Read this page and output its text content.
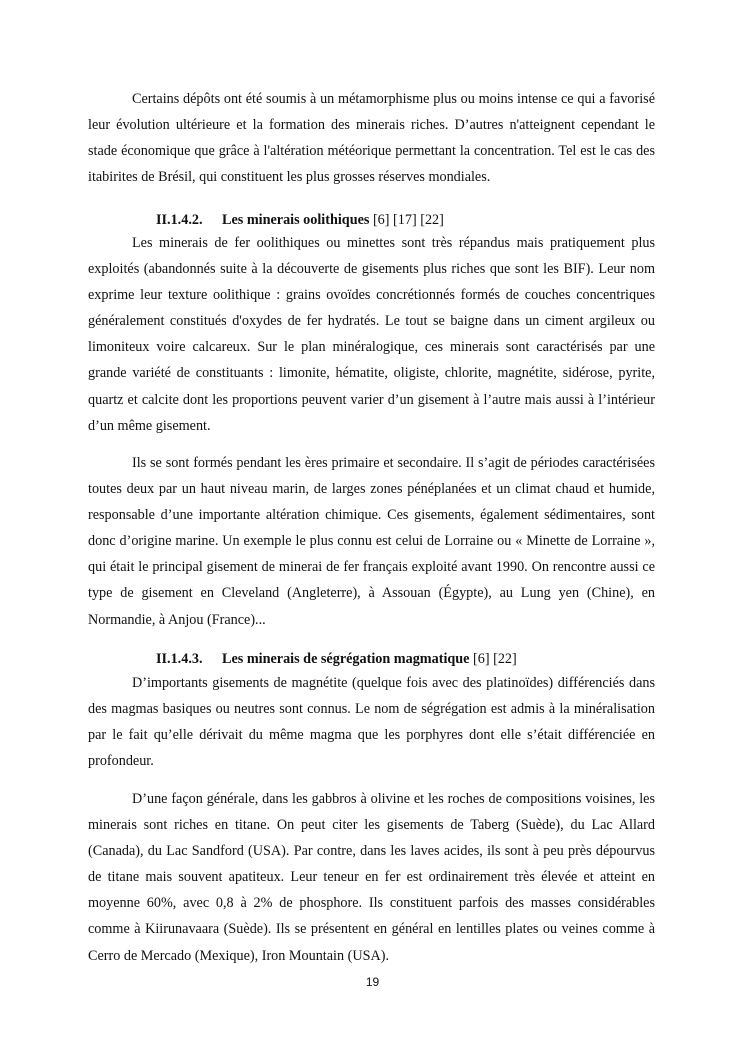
Certains dépôts ont été soumis à un métamorphisme plus ou moins intense ce qui a favorisé leur évolution ultérieure et la formation des minerais riches. D’autres n'atteignent cependant le stade économique que grâce à l'altération météorique permettant la concentration. Tel est le cas des itabirites de Brésil, qui constituent les plus grosses réserves mondiales.

II.1.4.2. Les minerais oolithiques [6] [17] [22]

Les minerais de fer oolithiques ou minettes sont très répandus mais pratiquement plus exploités (abandonnés suite à la découverte de gisements plus riches que sont les BIF). Leur nom exprime leur texture oolithique : grains ovoïdes concrétionnés formés de couches concentriques généralement constitués d'oxydes de fer hydratés. Le tout se baigne dans un ciment argileux ou limoniteux voire calcareux. Sur le plan minéralogique, ces minerais sont caractérisés par une grande variété de constituants : limonite, hématite, oligiste, chlorite, magnétite, sidérose, pyrite, quartz et calcite dont les proportions peuvent varier d’un gisement à l’autre mais aussi à l’intérieur d’un même gisement.

Ils se sont formés pendant les ères primaire et secondaire. Il s’agit de périodes caractérisées toutes deux par un haut niveau marin, de larges zones pénéplanées et un climat chaud et humide, responsable d’une importante altération chimique. Ces gisements, également sédimentaires, sont donc d’origine marine. Un exemple le plus connu est celui de Lorraine ou « Minette de Lorraine », qui était le principal gisement de minerai de fer français exploité avant 1990. On rencontre aussi ce type de gisement en Cleveland (Angleterre), à Assouan (Égypte), au Lung yen (Chine), en Normandie, à Anjou (France)...

II.1.4.3. Les minerais de ségrégation magmatique [6] [22]

D’importants gisements de magnétite (quelque fois avec des platinoïdes) différenciés dans des magmas basiques ou neutres sont connus. Le nom de ségrégation est admis à la minéralisation par le fait qu’elle dérivait du même magma que les porphyres dont elle s’était différenciée en profondeur.

D’une façon générale, dans les gabbros à olivine et les roches de compositions voisines, les minerais sont riches en titane. On peut citer les gisements de Taberg (Suède), du Lac Allard (Canada), du Lac Sandford (USA). Par contre, dans les laves acides, ils sont à peu près dépourvus de titane mais souvent apatiteux. Leur teneur en fer est ordinairement très élevée et atteint en moyenne 60%, avec 0,8 à 2% de phosphore. Ils constituent parfois des masses considérables comme à Kiirunavaara (Suède). Ils se présentent en général en lentilles plates ou veines comme à Cerro de Mercado (Mexique), Iron Mountain (USA).

19
